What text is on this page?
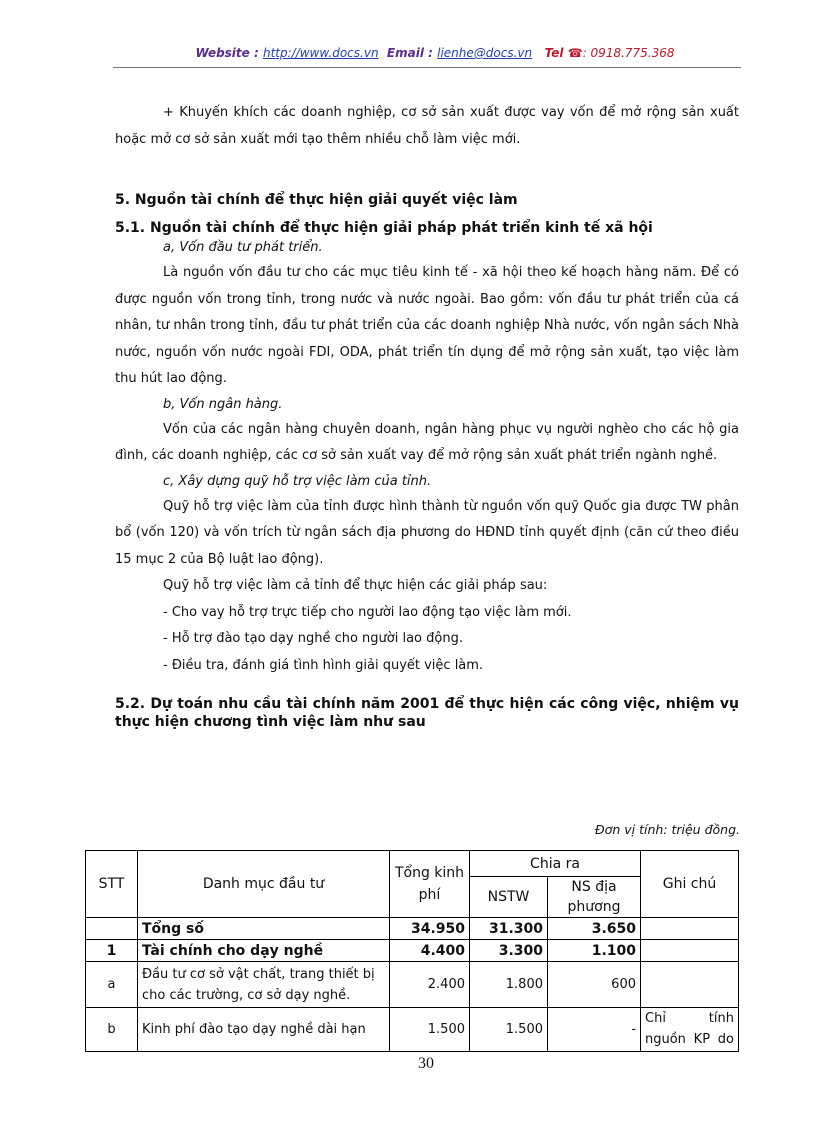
Website : http://www.docs.vn Email : lienhe@docs.vn Tel ☎: 0918.775.368

+ Khuyến khích các doanh nghiệp, cơ sở sản xuất được vay vốn để mở rộng sản xuất hoặc mở cơ sở sản xuất mới tạo thêm nhiều chỗ làm việc mới.

5. Nguồn tài chính để thực hiện giải quyết việc làm

5.1. Nguồn tài chính để thực hiện giải pháp phát triển kinh tế xã hội

a, Vốn đầu tư phát triển.

Là nguồn vốn đầu tư cho các mục tiêu kinh tế - xã hội theo kế hoạch hàng năm. Để có được nguồn vốn trong tỉnh, trong nước và nước ngoài. Bao gồm: vốn đầu tư phát triển của cá nhân, tư nhân trong tỉnh, đầu tư phát triển của các doanh nghiệp Nhà nước, vốn ngân sách Nhà nước, nguồn vốn nước ngoài FDI, ODA, phát triển tín dụng để mở rộng sản xuất, tạo việc làm thu hút lao động.

b, Vốn ngân hàng.

Vốn của các ngân hàng chuyên doanh, ngân hàng phục vụ người nghèo cho các hộ gia đình, các doanh nghiệp, các cơ sở sản xuất vay để mở rộng sản xuất phát triển ngành nghề.

c, Xây dựng quỹ hỗ trợ việc làm của tỉnh.

Quỹ hỗ trợ việc làm của tỉnh được hình thành từ nguồn vốn quỹ Quốc gia được TW phân bổ (vốn 120) và vốn trích từ ngân sách địa phương do HĐND tỉnh quyết định (căn cứ theo điều 15 mục 2 của Bộ luật lao động).

Quỹ hỗ trợ việc làm cả tỉnh để thực hiện các giải pháp sau:

- Cho vay hỗ trợ trực tiếp cho người lao động tạo việc làm mới.

- Hỗ trợ đào tạo dạy nghề cho người lao động.

- Điều tra, đánh giá tình hình giải quyết việc làm.

5.2. Dự toán nhu cầu tài chính năm 2001 để thực hiện các công việc, nhiệm vụ thực hiện chương tình việc làm như sau

Đơn vị tính: triệu đồng.
STT	Danh mục đầu tư	Tổng kinh phí	Chia ra		Ghi chú
			NSTW	NS địa phương	
	Tổng số	34.950	31.300	3.650	
1	Tài chính cho dạy nghề	4.400	3.300	1.100	
a	Đầu tư cơ sở vật chất, trang thiết bị cho các trường, cơ sở dạy nghề.	2.400	1.800	600	
b	Kinh phí đào tạo dạy nghề dài hạn	1.500	1.500	-	Chỉ tính nguồn KP do
30
